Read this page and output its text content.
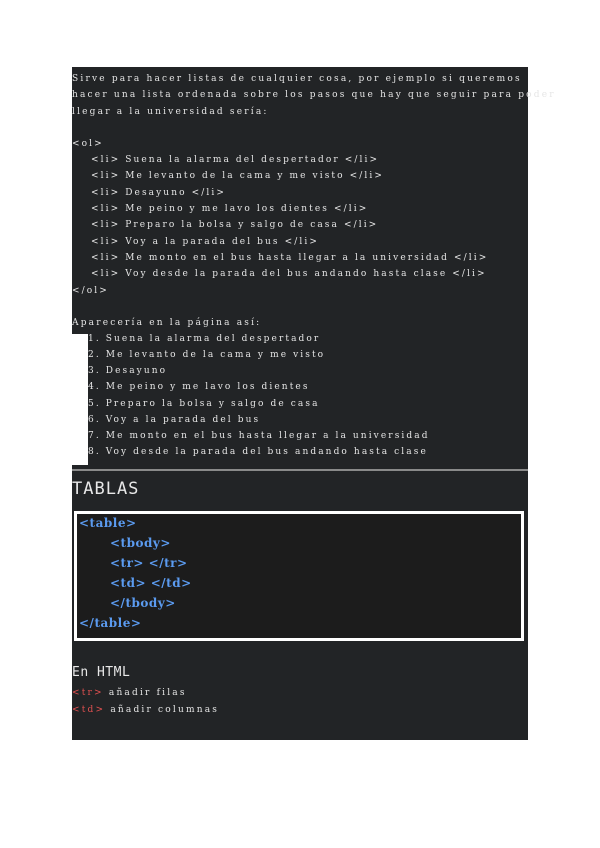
Sirve para hacer listas de cualquier cosa, por ejemplo si queremos
hacer una lista ordenada sobre los pasos que hay que seguir para poder
llegar a la universidad sería:
<ol>
<li> Suena la alarma del despertador </li>
<li> Me levanto de la cama y me visto </li>
<li> Desayuno </li>
<li> Me peino y me lavo los dientes </li>
<li> Preparo la bolsa y salgo de casa </li>
<li> Voy a la parada del bus </li>
<li> Me monto en el bus hasta llegar a la universidad </li>
<li> Voy desde la parada del bus andando hasta clase </li>
</ol>
Aparecería en la página así:
1. Suena la alarma del despertador
2. Me levanto de la cama y me visto
3. Desayuno
4. Me peino y me lavo los dientes
5. Preparo la bolsa y salgo de casa
6. Voy a la parada del bus
7. Me monto en el bus hasta llegar a la universidad
8. Voy desde la parada del bus andando hasta clase
TABLAS
<table>
<tbody>
<tr> </tr>
<td> </td>
</tbody>
</table>
En HTML
<tr> añadir filas
<td> añadir columnas
